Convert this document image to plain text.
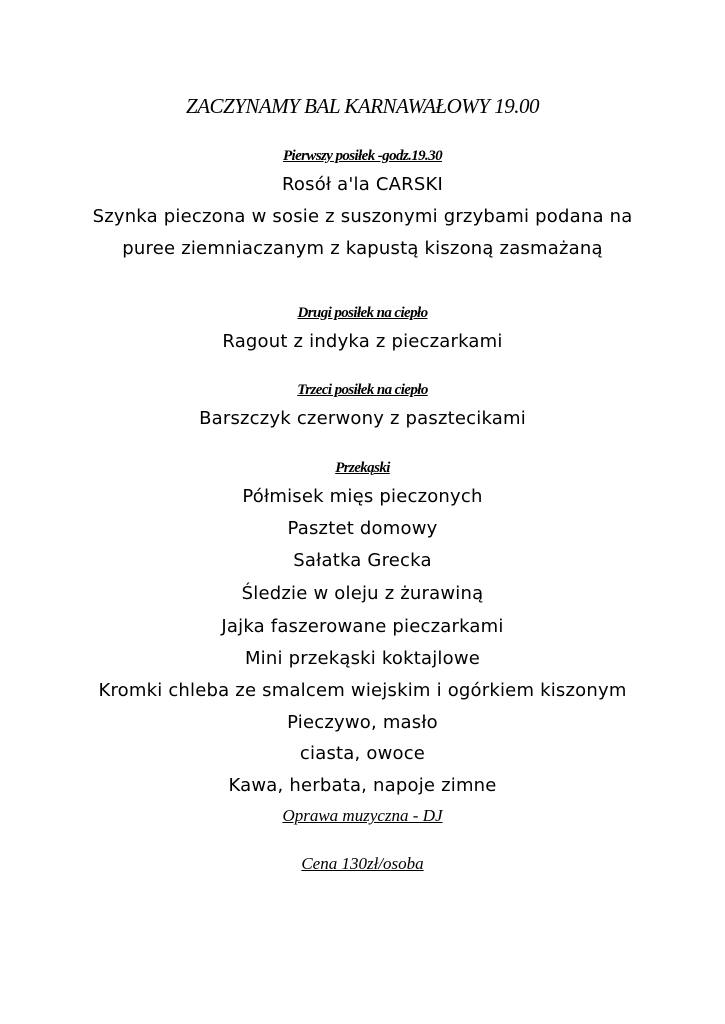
ZACZYNAMY BAL KARNAWAŁOWY 19.00

Pierwszy posiłek -godz.19.30

Rosół a'la CARSKI

Szynka pieczona w sosie z suszonymi grzybami podana na

puree ziemniaczanym z kapustą kiszoną zasmażaną

Drugi posiłek na ciepło

Ragout z indyka z pieczarkami

Trzeci posiłek na ciepło

Barszczyk czerwony z pasztecikami

Przekąski

Półmisek mięs pieczonych

Pasztet domowy

Sałatka Grecka

Śledzie w oleju z żurawiną

Jajka faszerowane pieczarkami

Mini przekąski koktajlowe

Kromki chleba ze smalcem wiejskim i ogórkiem kiszonym

Pieczywo, masło

ciasta, owoce

Kawa, herbata, napoje zimne

Oprawa muzyczna - DJ

Cena 130zł/osoba
